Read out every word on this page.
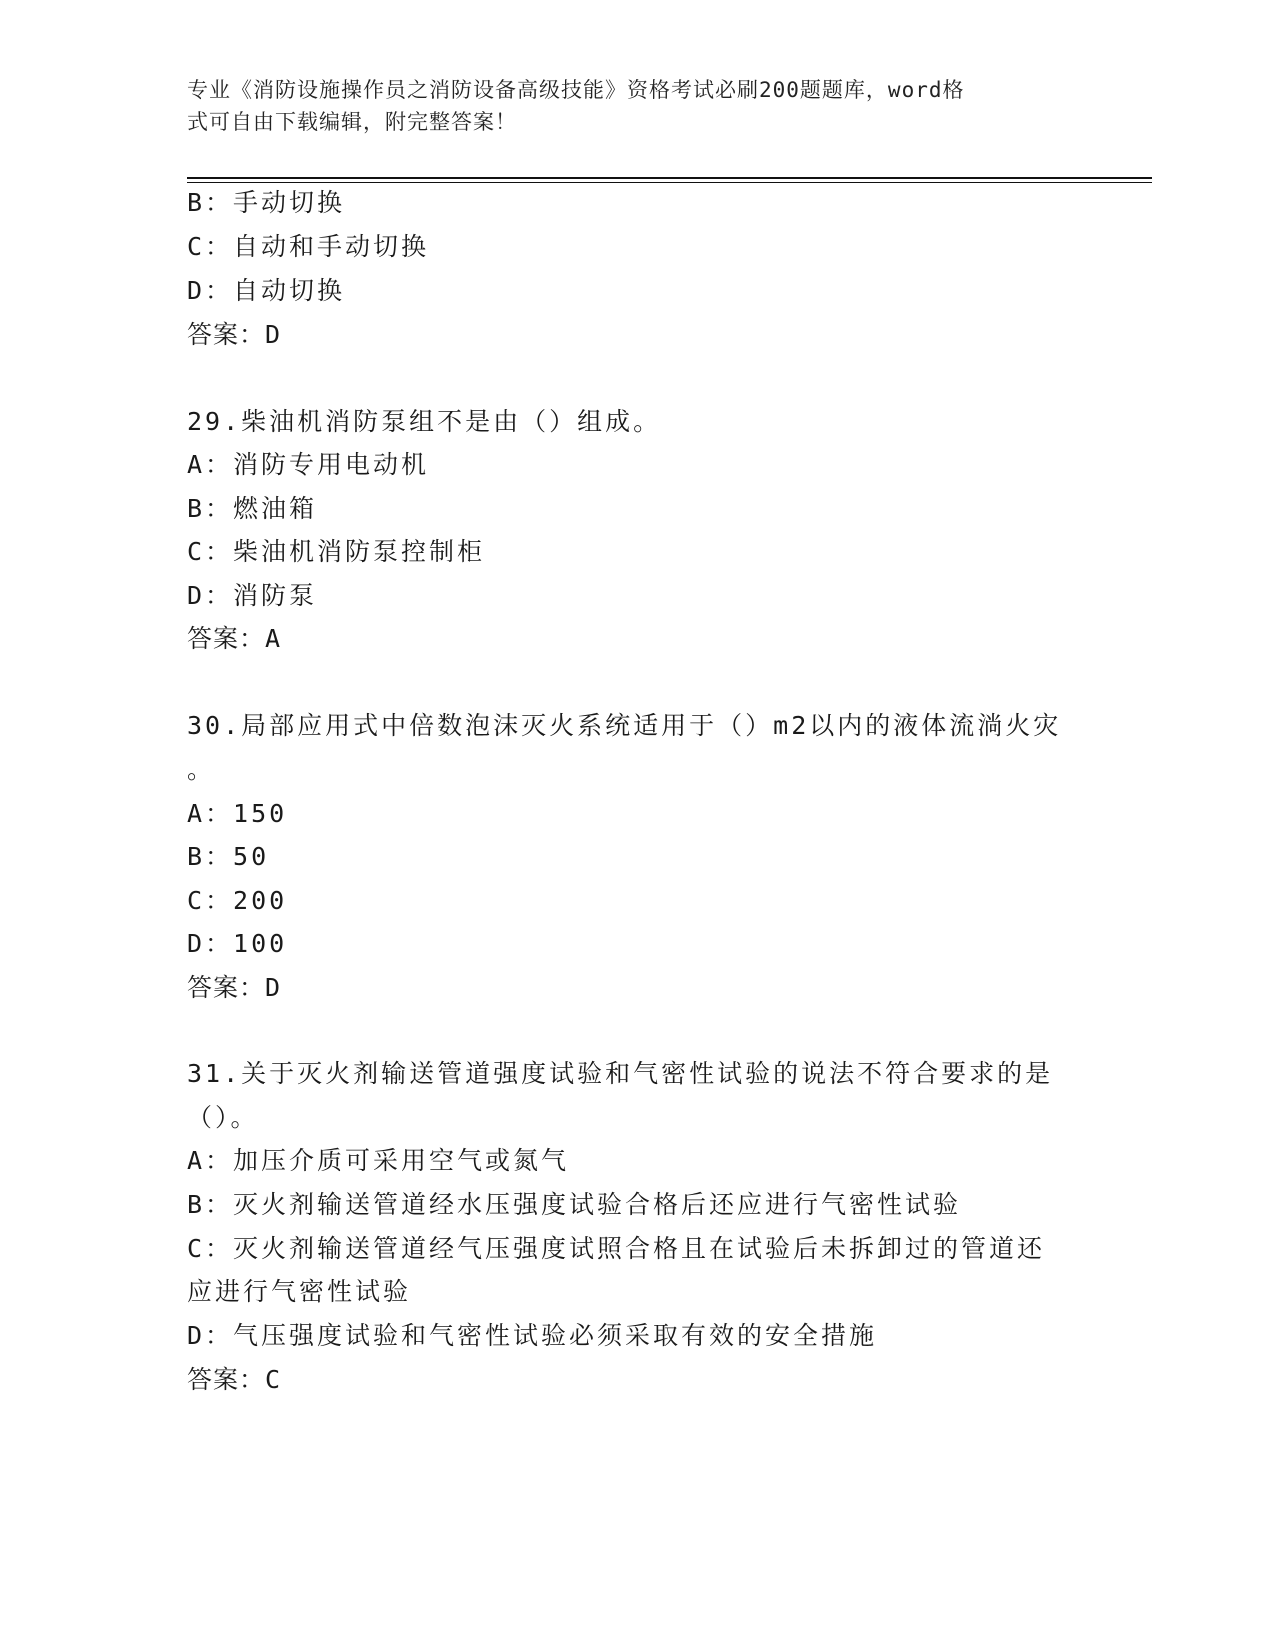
专业《消防设施操作员之消防设备高级技能》资格考试必刷200题题库，word格
式可自由下载编辑，附完整答案！
B：手动切换
C：自动和手动切换
D：自动切换
答案：D
29.柴油机消防泵组不是由（）组成。
A：消防专用电动机
B：燃油箱
C：柴油机消防泵控制柜
D：消防泵
答案：A
30.局部应用式中倍数泡沫灭火系统适用于（）m2以内的液体流淌火灾
。
A：150
B：50
C：200
D：100
答案：D
31.关于灭火剂输送管道强度试验和气密性试验的说法不符合要求的是
（）。
A：加压介质可采用空气或氮气
B：灭火剂输送管道经水压强度试验合格后还应进行气密性试验
C：灭火剂输送管道经气压强度试照合格且在试验后未拆卸过的管道还
应进行气密性试验
D：气压强度试验和气密性试验必须采取有效的安全措施
答案：C
